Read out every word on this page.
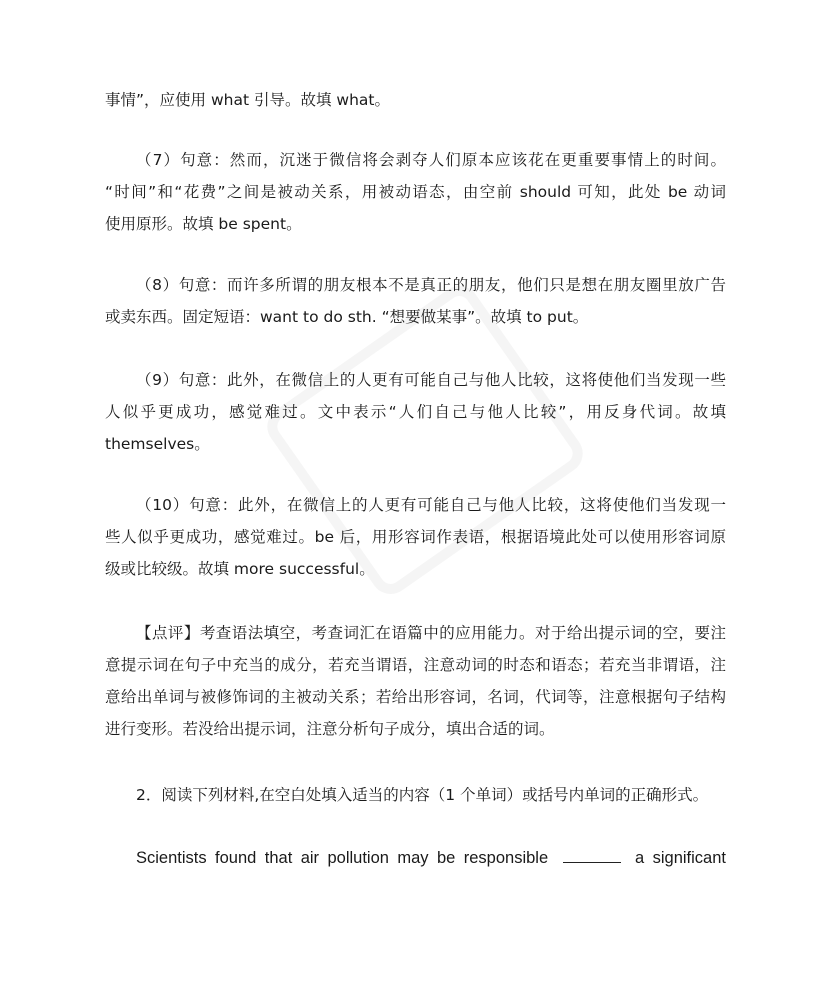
事情”，应使用 what 引导。故填 what。
（7）句意：然而，沉迷于微信将会剥夺人们原本应该花在更重要事情上的时间。
“时间”和“花费”之间是被动关系，用被动语态，由空前 should 可知，此处 be 动词
使用原形。故填 be spent。
（8）句意：而许多所谓的朋友根本不是真正的朋友，他们只是想在朋友圈里放广告
或卖东西。固定短语：want to do sth. “想要做某事”。故填 to put。
（9）句意：此外，在微信上的人更有可能自己与他人比较，这将使他们当发现一些
人似乎更成功，感觉难过。文中表示“人们自己与他人比较”，用反身代词。故填
themselves。
（10）句意：此外，在微信上的人更有可能自己与他人比较，这将使他们当发现一
些人似乎更成功，感觉难过。be 后，用形容词作表语，根据语境此处可以使用形容词原
级或比较级。故填 more successful。
【点评】考查语法填空，考查词汇在语篇中的应用能力。对于给出提示词的空，要注
意提示词在句子中充当的成分，若充当谓语，注意动词的时态和语态；若充当非谓语，注
意给出单词与被修饰词的主被动关系；若给出形容词，名词，代词等，注意根据句子结构
进行变形。若没给出提示词，注意分析句子成分，填出合适的词。
2．阅读下列材料,在空白处填入适当的内容（1 个单词）或括号内单词的正确形式。
Scientists found that air pollution may be responsible	a significant
